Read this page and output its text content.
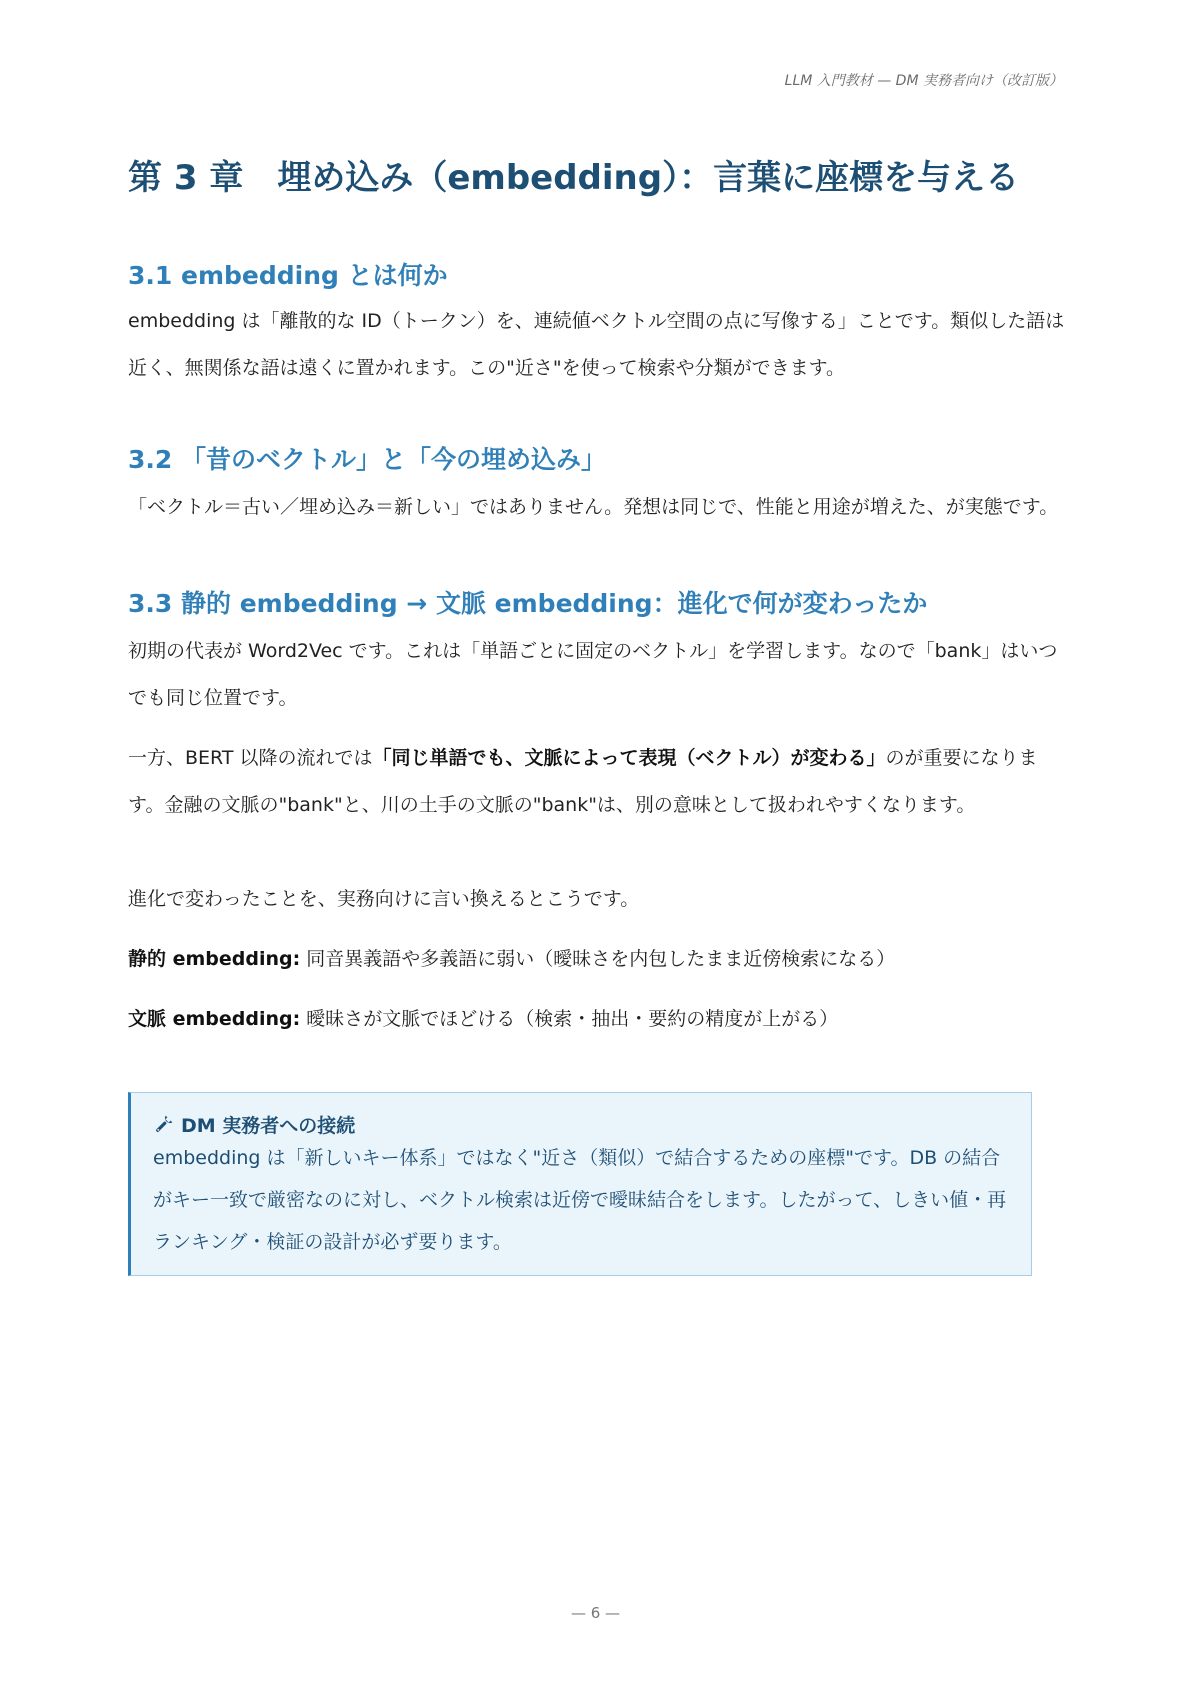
LLM 入門教材 — DM 実務者向け（改訂版）
第 3 章　埋め込み（embedding）：言葉に座標を与える
3.1 embedding とは何か

embedding は「離散的な ID（トークン）を、連続値ベクトル空間の点に写像する」ことです。類似した語は近く、無関係な語は遠くに置かれます。この"近さ"を使って検索や分類ができます。

3.2 「昔のベクトル」と「今の埋め込み」

「ベクトル＝古い／埋め込み＝新しい」ではありません。発想は同じで、性能と用途が増えた、が実態です。

3.3 静的 embedding → 文脈 embedding：進化で何が変わったか

初期の代表が Word2Vec です。これは「単語ごとに固定のベクトル」を学習します。なので「bank」はいつでも同じ位置です。

一方、BERT 以降の流れでは「同じ単語でも、文脈によって表現（ベクトル）が変わる」のが重要になります。金融の文脈の"bank"と、川の土手の文脈の"bank"は、別の意味として扱われやすくなります。

進化で変わったことを、実務向けに言い換えるとこうです。

静的 embedding: 同音異義語や多義語に弱い（曖昧さを内包したまま近傍検索になる）

文脈 embedding: 曖昧さが文脈でほどける（検索・抽出・要約の精度が上がる）

DM 実務者への接続

embedding は「新しいキー体系」ではなく"近さ（類似）で結合するための座標"です。DB の結合がキー一致で厳密なのに対し、ベクトル検索は近傍で曖昧結合をします。したがって、しきい値・再ランキング・検証の設計が必ず要ります。

— 6 —
